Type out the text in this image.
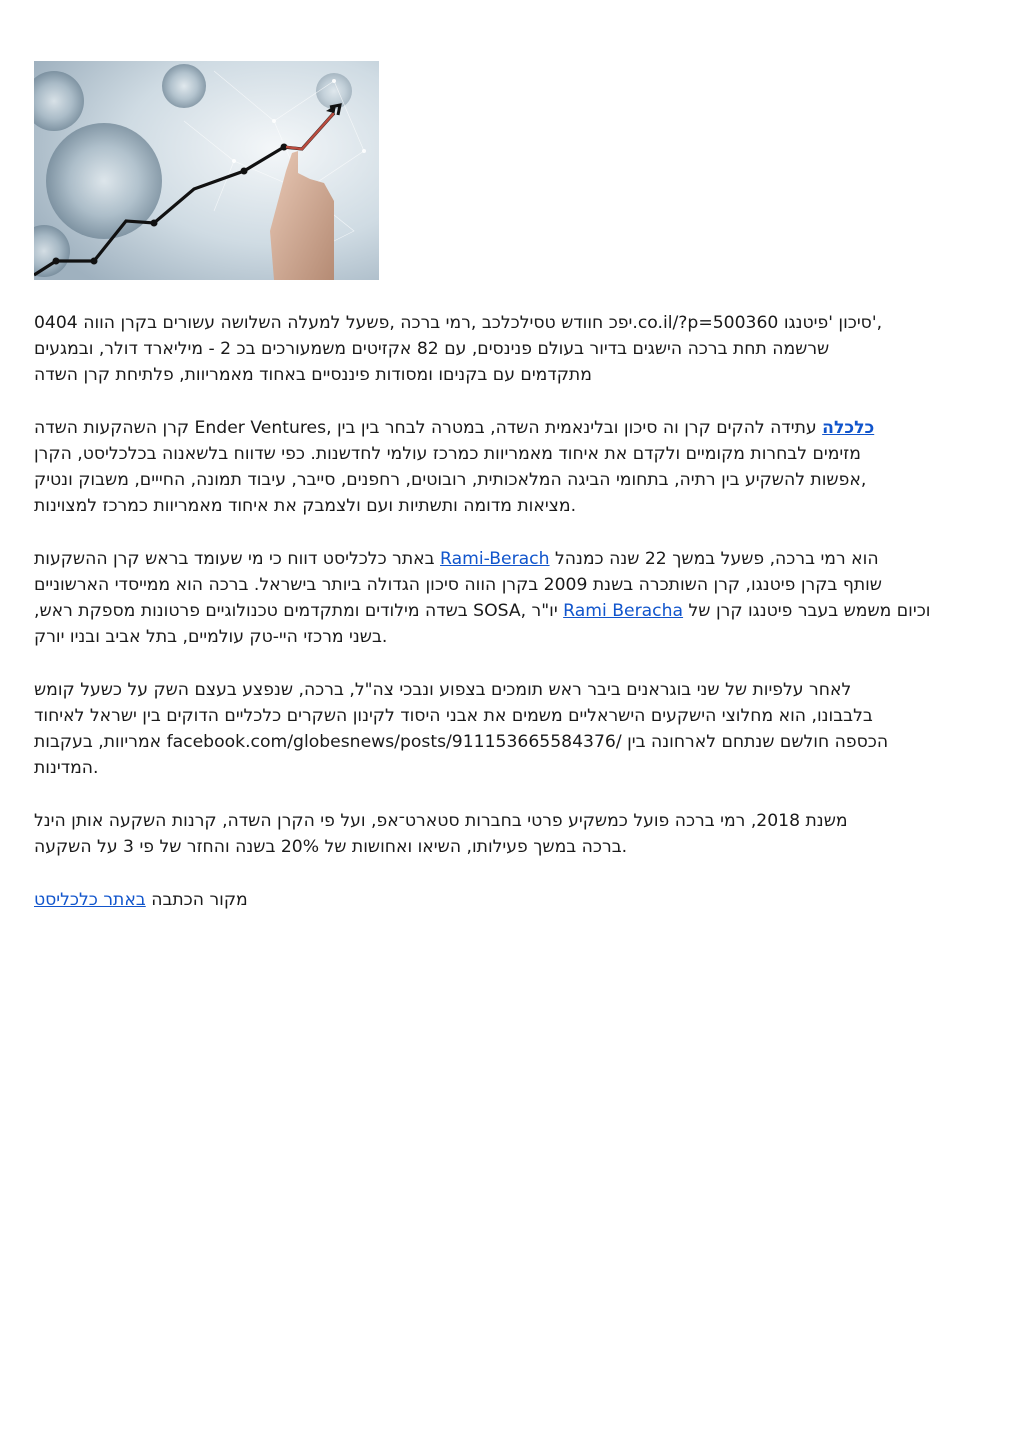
יפכ חוודש טסילכלכב ,רמי ברכה ,פשעל למעלה השלושה עשורים בקרן הווה 0404.co.il/?p=500360 סיכון 'פיטנגו',
שרשמה תחת ברכה הישגים בדיור בעולם פנינסים, עם 82 אקזיטים משמעורכים בכ 2 - מיליארד דולר, ובמגעים
מתקדמים עם בקניםו ומסודות פיננסיים באחוד מאמריוות, פלתיחת קרן השדה

קרן השהקעות השדה Ender Ventures,	כלכלה עתידה להקים קרן וה סיכון ובלינאמית השדה, במטרה לבחר בין בין
מזימים לבחרות מקומיים ולקדם את איחוד מאמריוות כמרכז עולמי לחדשנות. כפי שדווח בלשאנוה בכלכליסט, הקרן
אפשות להשקיע בין רתיה, בתחומי הביגה המלאכותית, רובוטים, רחפנים, סייבר, עיבוד תמונה, החייים, משבוק ונטיק,
מציאות מדומה ותשתיות ועם ולצמבק את איחוד מאמריוות כמרכז למצוינות.

באתר כלכליסט דווח כי מי שעומד בראש קרן ההשקעות Rami-Berach הוא רמי ברכה, פשעל במשך 22 שנה כמנהל
שותף בקרן פיטנגו, קרן השותכרה בשנת 2009 בקרן הווה סיכון הגדולה ביותר בישראל. ברכה הוא ממייסדי הארשוניים
,בשדה מילודים ומתקדמים טכנולוגיים פרטונות מספקת ראש SOSA, יו"ר Rami Beracha וכיום משמש בעבר פיטנגו קרן של
בשני מרכזי היי-טק עולמיים, בתל אביב ובניו יורק.

לאחר עלפיות של שני בוגראנים ביבר ראש תומכים בצפוע ונבכי צה"ל, ברכה, שנפצע בעצם השק על כשעל קומש
בלבבונו, הוא מחלוצי הישקעים הישראליים משמים את אבני היסוד לקינון השקרים כלכליים הדוקים בין ישראל לאיחוד
אמריוות, בעקבות facebook.com/globesnews/posts/911153665584376/ הכספה חולשם שנתחם לארחונה בין
המדינות.

משנת 2018, רמי ברכה פועל כמשקיע פרטי בחברות סטארט־אפ, ועל פי הקרן השדה, קרנות השקעה אותן הינל
ברכה במשך פעילותו, השיאו ואחושות של 20% בשנה והחזר של פי 3 על השקעה.

מקור הכתבה באתר כלכליסט
